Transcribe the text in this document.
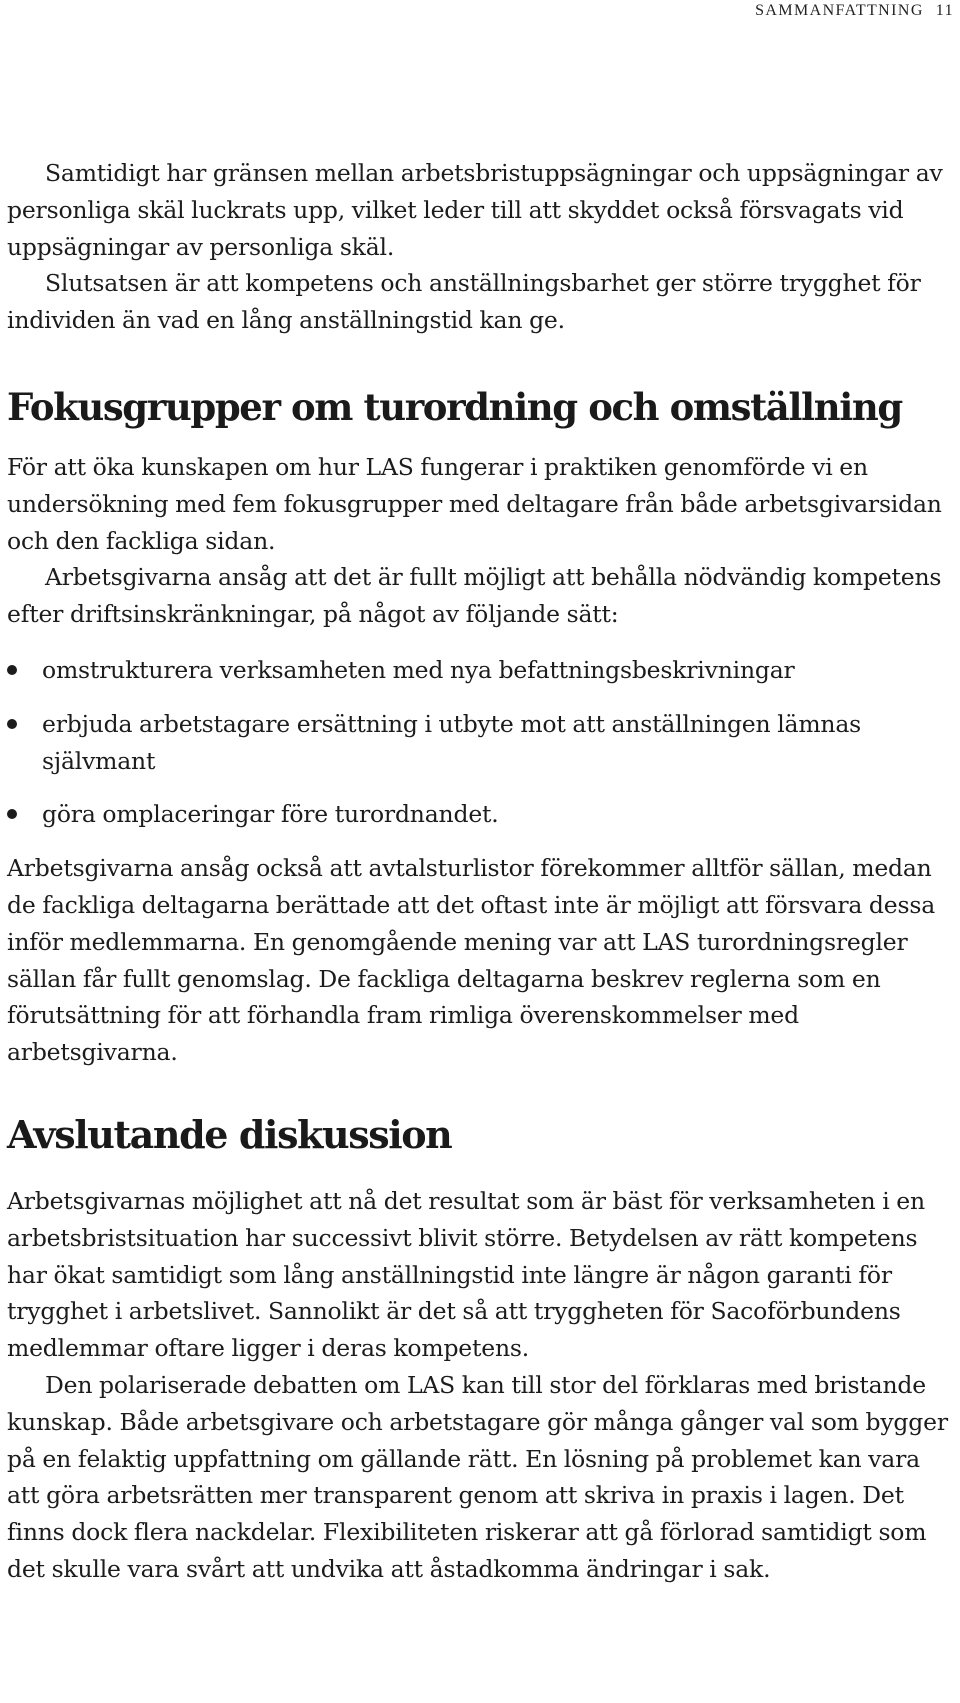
SAMMANFATTNING 11

Samtidigt har gränsen mellan arbetsbristuppsägningar och uppsägningar av personliga skäl luckrats upp, vilket leder till att skyddet också försvagats vid uppsägningar av personliga skäl.

Slutsatsen är att kompetens och anställningsbarhet ger större trygghet för individen än vad en lång anställningstid kan ge.

Fokusgrupper om turordning och omställning

För att öka kunskapen om hur LAS fungerar i praktiken genomförde vi en undersökning med fem fokusgrupper med deltagare från både arbetsgivarsidan och den fackliga sidan.

Arbetsgivarna ansåg att det är fullt möjligt att behålla nödvändig kompetens efter driftsinskränkningar, på något av följande sätt:

omstrukturera verksamheten med nya befattningsbeskrivningar
erbjuda arbetstagare ersättning i utbyte mot att anställningen lämnas självmant
göra omplaceringar före turordnandet.

Arbetsgivarna ansåg också att avtalsturlistor förekommer alltför sällan, medan de fackliga deltagarna berättade att det oftast inte är möjligt att försvara dessa inför medlemmarna. En genomgående mening var att LAS turordningsregler sällan får fullt genomslag. De fackliga deltagarna beskrev reglerna som en förutsättning för att förhandla fram rimliga överenskommelser med arbetsgivarna.

Avslutande diskussion

Arbetsgivarnas möjlighet att nå det resultat som är bäst för verksamheten i en arbetsbristsituation har successivt blivit större. Betydelsen av rätt kompetens har ökat samtidigt som lång anställningstid inte längre är någon garanti för trygghet i arbetslivet. Sannolikt är det så att tryggheten för Sacoförbundens medlemmar oftare ligger i deras kompetens.

Den polariserade debatten om LAS kan till stor del förklaras med bristande kunskap. Både arbetsgivare och arbetstagare gör många gånger val som bygger på en felaktig uppfattning om gällande rätt. En lösning på problemet kan vara att göra arbetsrätten mer transparent genom att skriva in praxis i lagen. Det finns dock flera nackdelar. Flexibiliteten riskerar att gå förlorad samtidigt som det skulle vara svårt att undvika att åstadkomma ändringar i sak.
